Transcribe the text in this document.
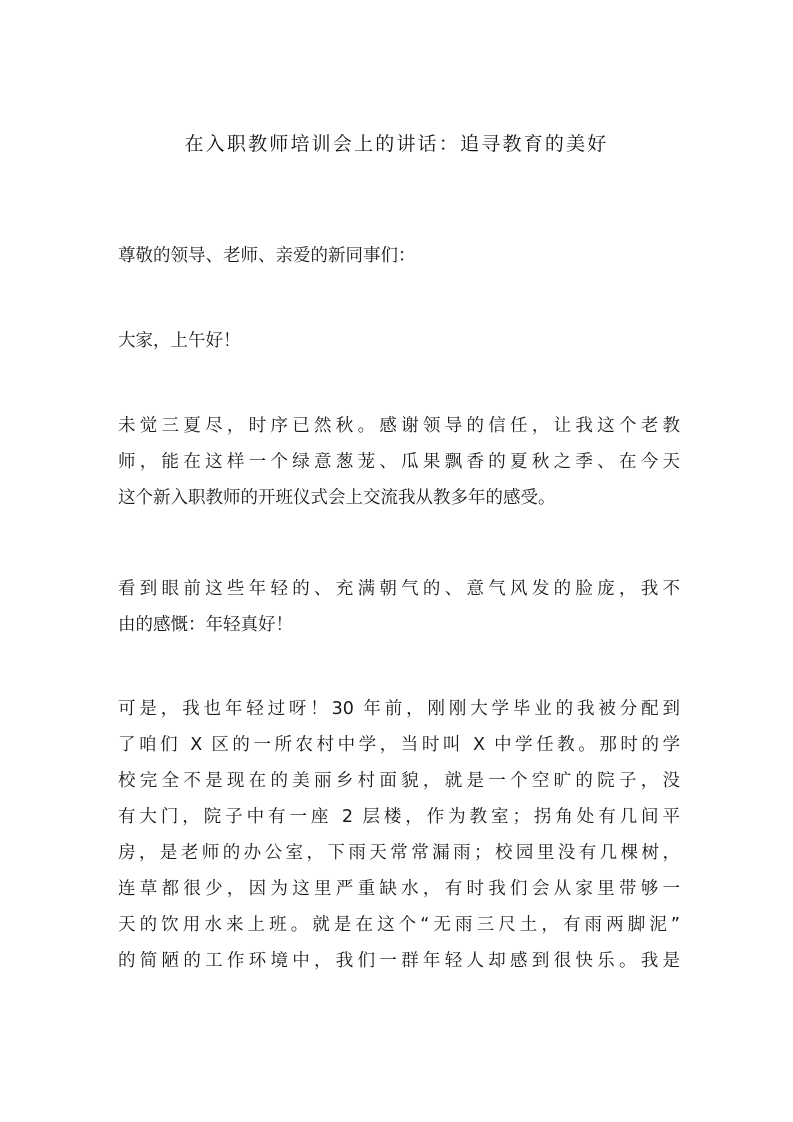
在入职教师培训会上的讲话：追寻教育的美好
尊敬的领导、老师、亲爱的新同事们：
大家，上午好！
未觉三夏尽，时序已然秋。感谢领导的信任，让我这个老教
师，能在这样一个绿意葱茏、瓜果飘香的夏秋之季、在今天
这个新入职教师的开班仪式会上交流我从教多年的感受。
看到眼前这些年轻的、充满朝气的、意气风发的脸庞，我不
由的感慨：年轻真好！
可是，我也年轻过呀！30 年前，刚刚大学毕业的我被分配到
了咱们 X 区的一所农村中学，当时叫 X 中学任教。那时的学
校完全不是现在的美丽乡村面貌，就是一个空旷的院子，没
有大门，院子中有一座 2 层楼，作为教室；拐角处有几间平
房，是老师的办公室，下雨天常常漏雨；校园里没有几棵树，
连草都很少，因为这里严重缺水，有时我们会从家里带够一
天的饮用水来上班。就是在这个“无雨三尺土，有雨两脚泥”
的简陋的工作环境中，我们一群年轻人却感到很快乐。我是
